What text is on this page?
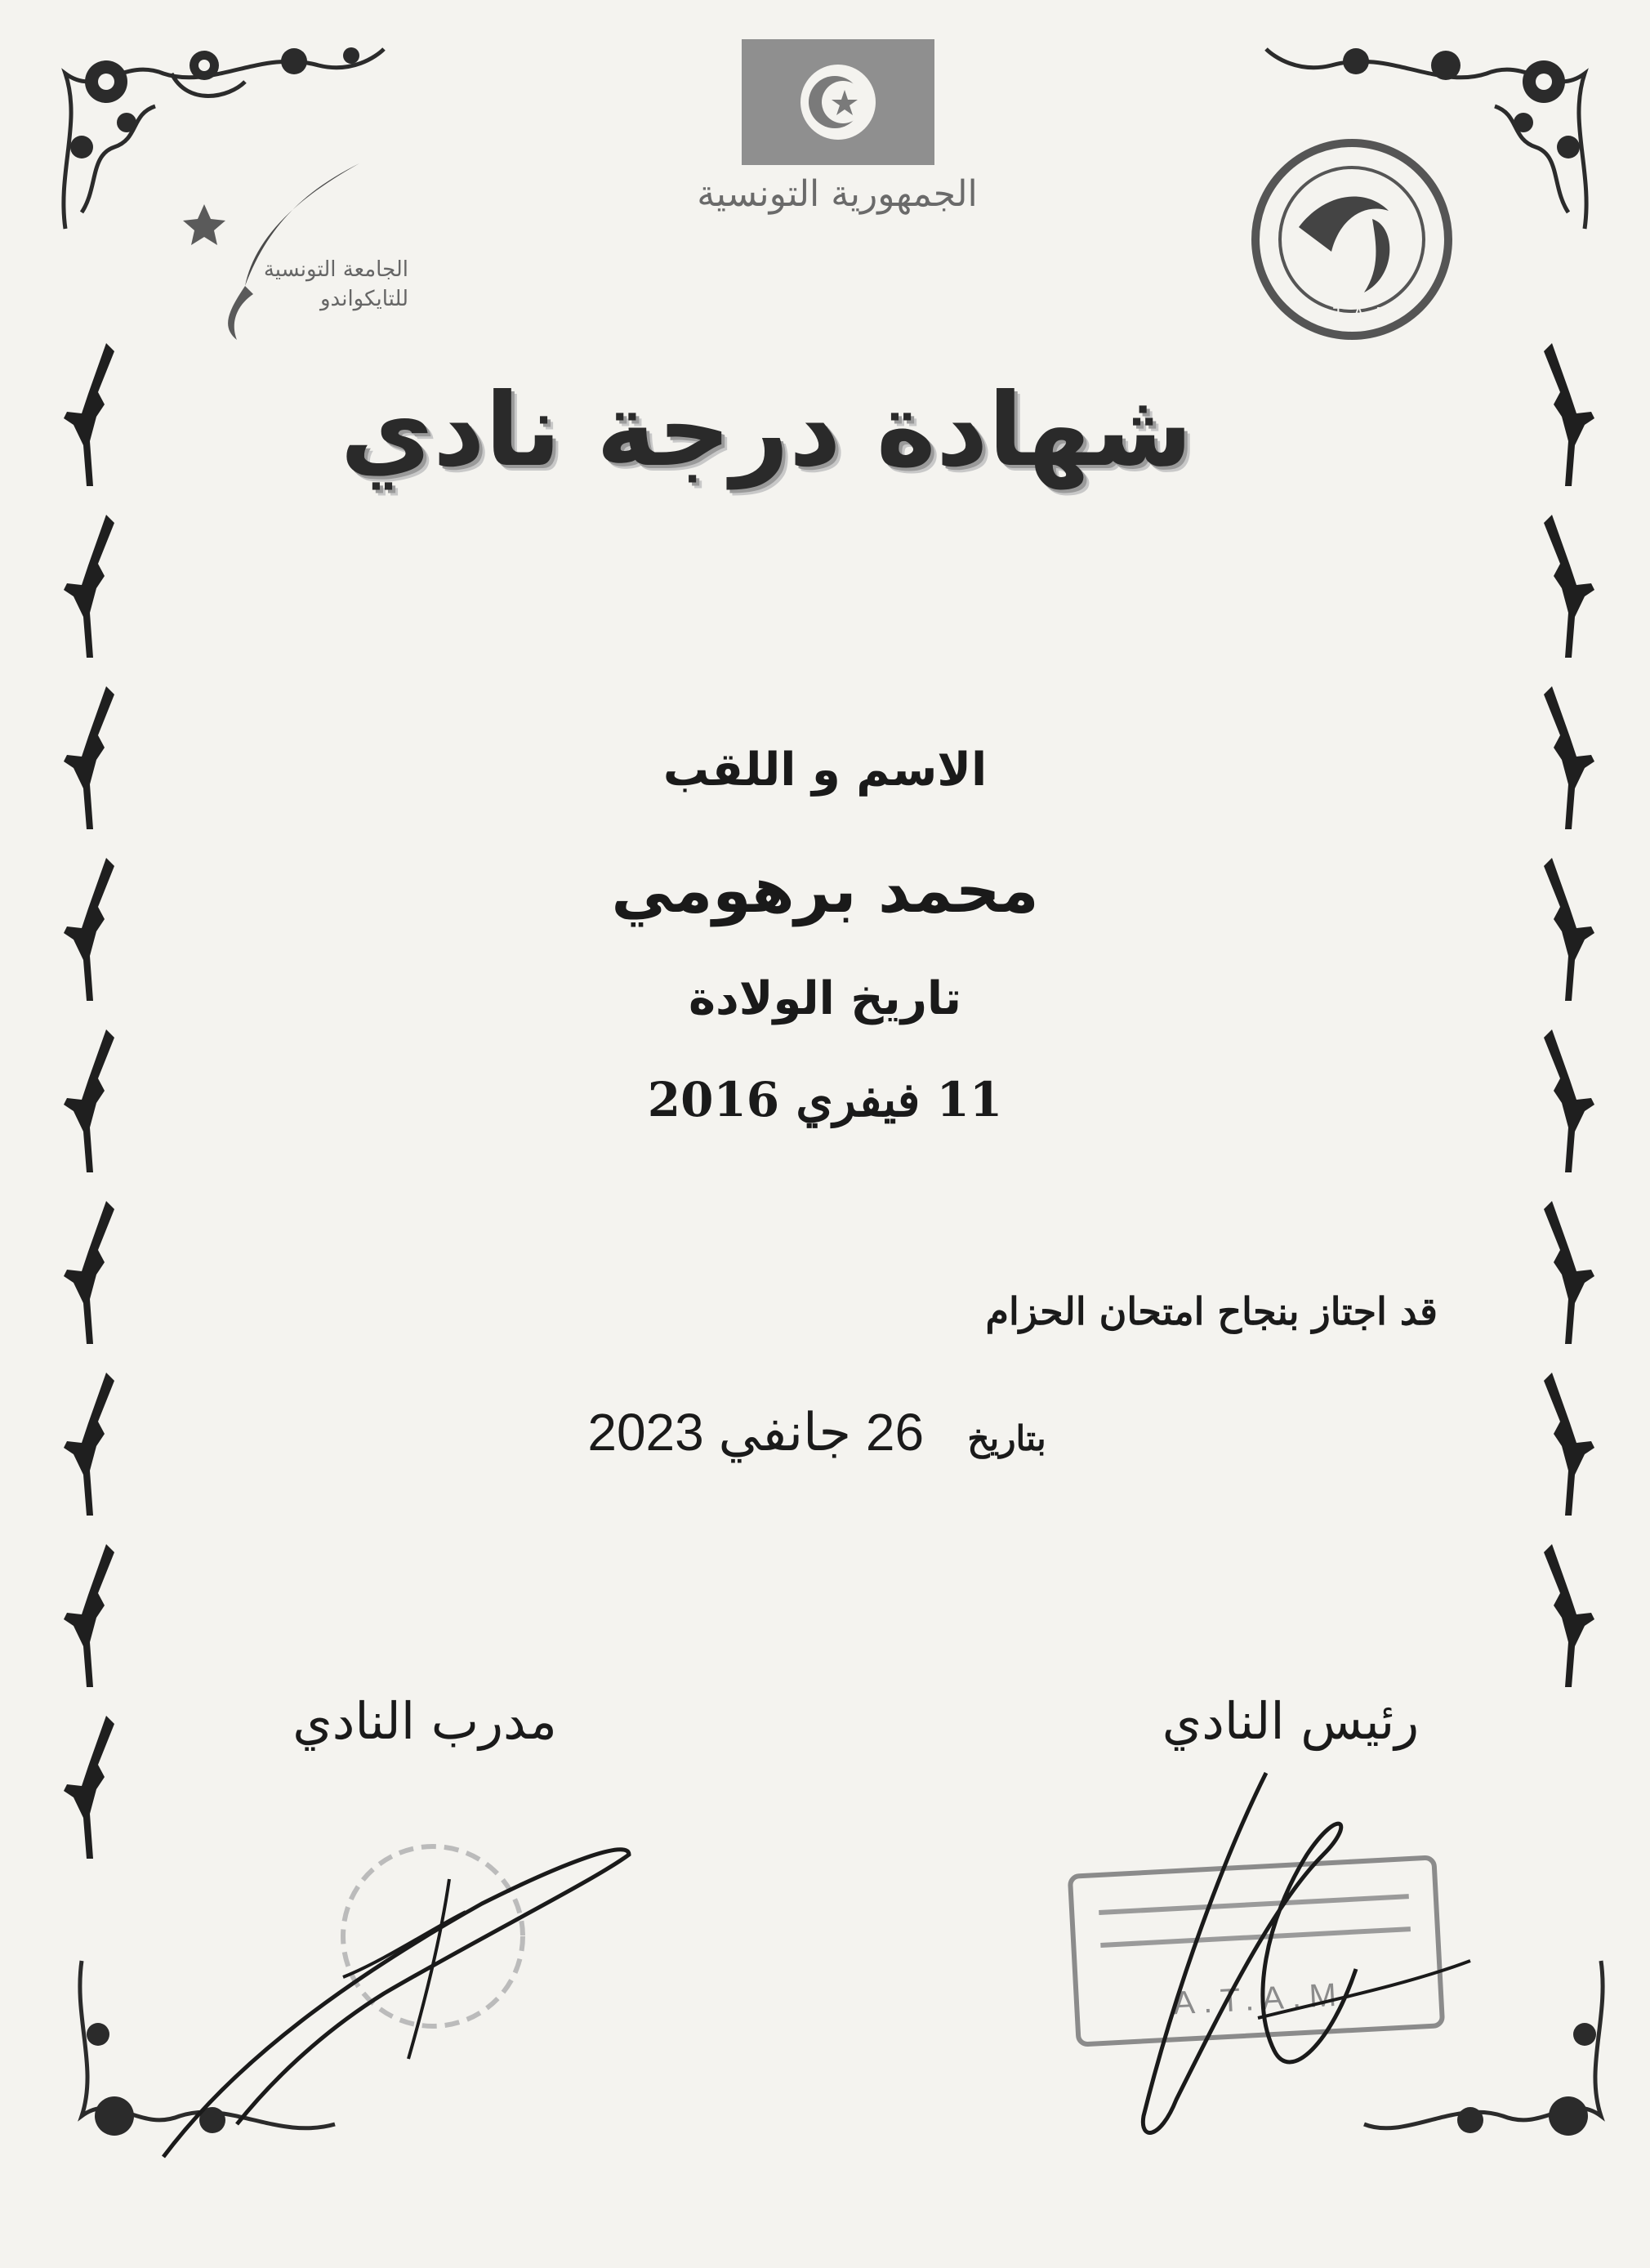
الجمهورية التونسية
الجامعة التونسية للتايكواندو
A.T.A.M
شهادة درجة نادي
الاسم و اللقب
محمد برهومي
تاريخ الولادة
11 فيفري 2016
قد اجتاز بنجاح امتحان الحزام
بتاريخ   26 جانفي 2023
مدرب النادي	رئيس النادي
A.T.A.M
